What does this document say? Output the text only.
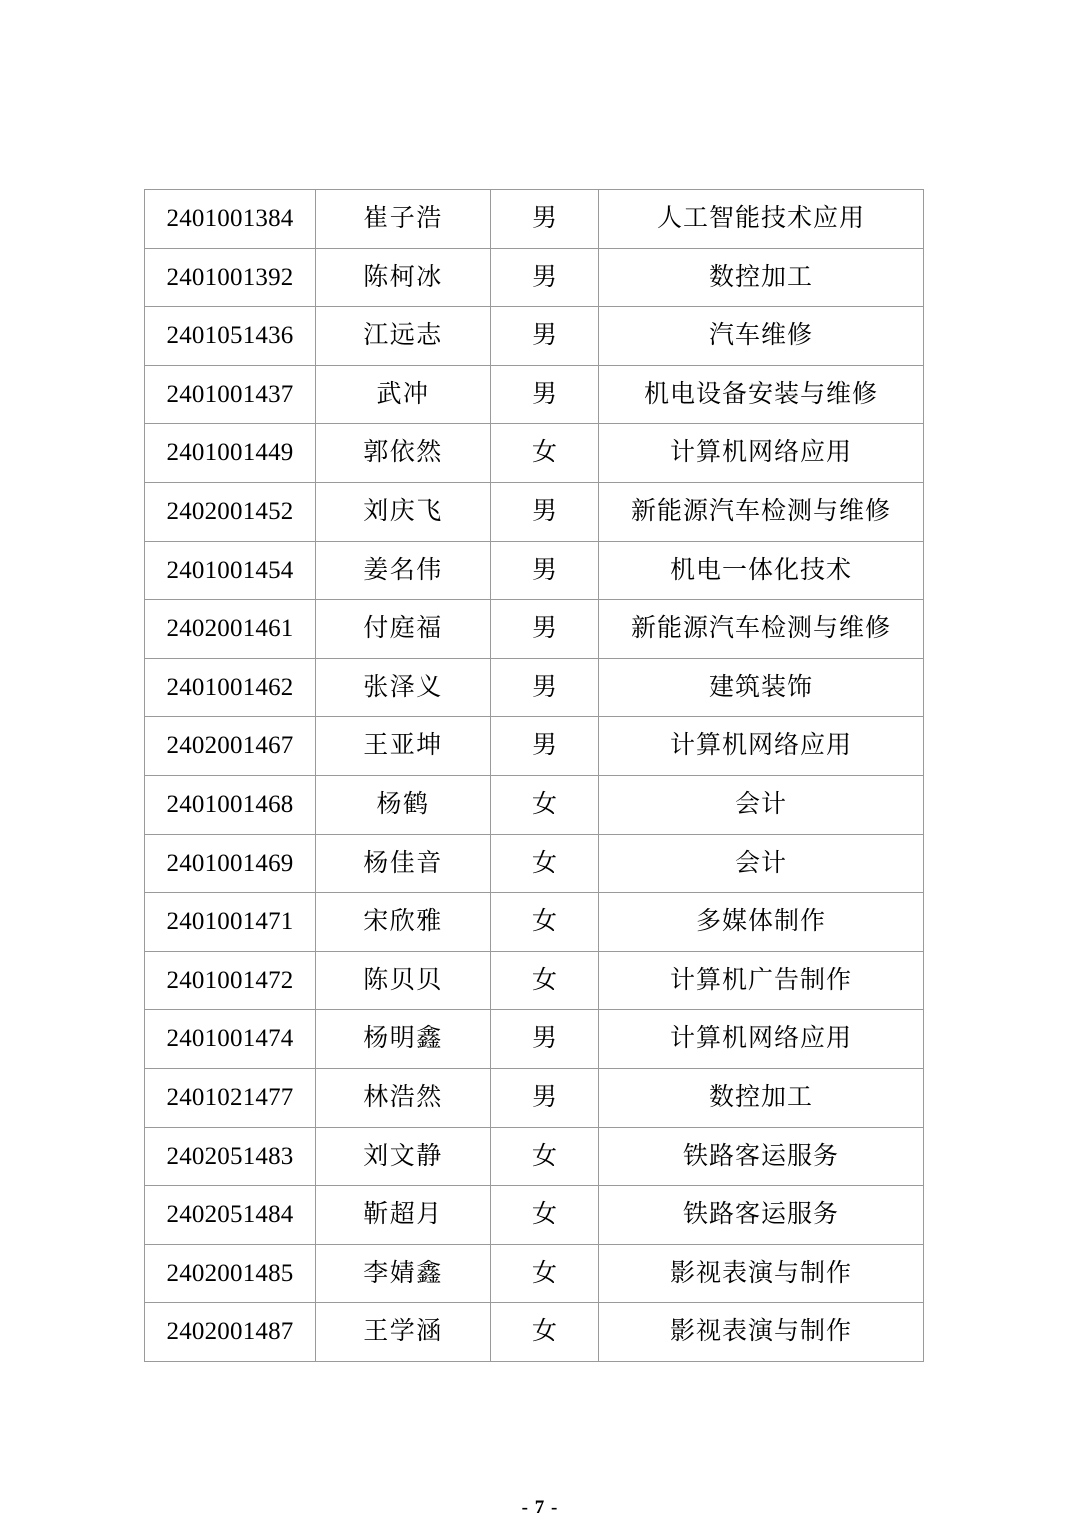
2401001384	崔子浩	男	人工智能技术应用
2401001392	陈柯冰	男	数控加工
2401051436	江远志	男	汽车维修
2401001437	武冲	男	机电设备安装与维修
2401001449	郭依然	女	计算机网络应用
2402001452	刘庆飞	男	新能源汽车检测与维修
2401001454	姜名伟	男	机电一体化技术
2402001461	付庭福	男	新能源汽车检测与维修
2401001462	张泽义	男	建筑装饰
2402001467	王亚坤	男	计算机网络应用
2401001468	杨鹤	女	会计
2401001469	杨佳音	女	会计
2401001471	宋欣雅	女	多媒体制作
2401001472	陈贝贝	女	计算机广告制作
2401001474	杨明鑫	男	计算机网络应用
2401021477	林浩然	男	数控加工
2402051483	刘文静	女	铁路客运服务
2402051484	靳超月	女	铁路客运服务
2402001485	李婧鑫	女	影视表演与制作
2402001487	王学涵	女	影视表演与制作
- 7 -
